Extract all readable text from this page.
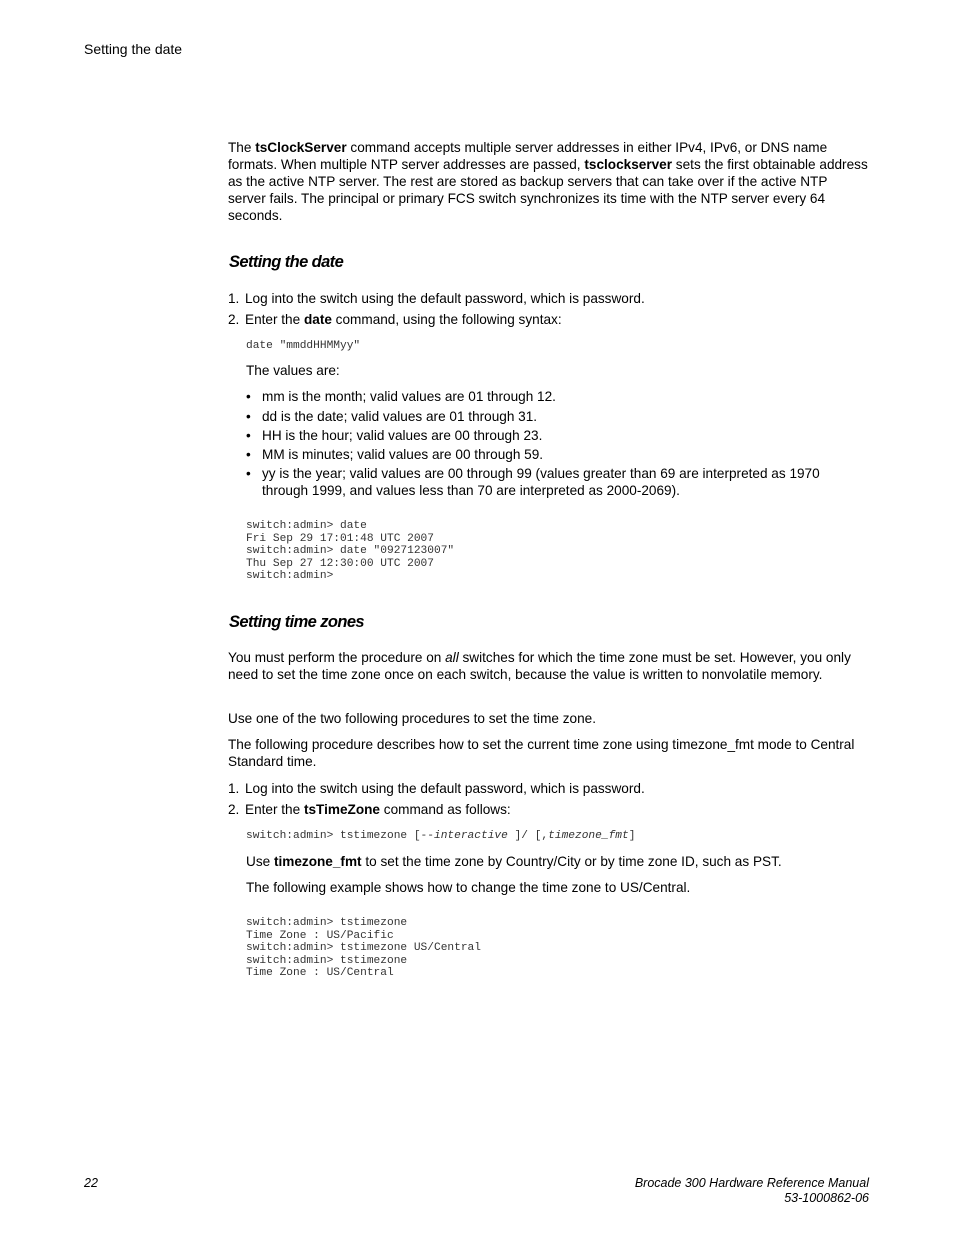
Setting the date

The tsClockServer command accepts multiple server addresses in either IPv4, IPv6, or DNS name formats. When multiple NTP server addresses are passed, tsclockserver sets the first obtainable address as the active NTP server. The rest are stored as backup servers that can take over if the active NTP server fails. The principal or primary FCS switch synchronizes its time with the NTP server every 64 seconds.

Setting the date
1. Log into the switch using the default password, which is password.
2. Enter the date command, using the following syntax:
date "mmddHHMMyy"
The values are:
• mm is the month; valid values are 01 through 12.
• dd is the date; valid values are 01 through 31.
• HH is the hour; valid values are 00 through 23.
• MM is minutes; valid values are 00 through 59.
• yy is the year; valid values are 00 through 99 (values greater than 69 are interpreted as 1970 through 1999, and values less than 70 are interpreted as 2000-2069).
switch:admin> date
Fri Sep 29 17:01:48 UTC 2007
switch:admin> date "0927123007"
Thu Sep 27 12:30:00 UTC 2007
switch:admin>
Setting time zones

You must perform the procedure on all switches for which the time zone must be set. However, you only need to set the time zone once on each switch, because the value is written to nonvolatile memory.

Use one of the two following procedures to set the time zone.

The following procedure describes how to set the current time zone using timezone_fmt mode to Central Standard time.

1. Log into the switch using the default password, which is password.
2. Enter the tsTimeZone command as follows:
switch:admin> tstimezone [--interactive ]/ [,timezone_fmt]
Use timezone_fmt to set the time zone by Country/City or by time zone ID, such as PST.
The following example shows how to change the time zone to US/Central.
switch:admin> tstimezone
Time Zone : US/Pacific
switch:admin> tstimezone US/Central
switch:admin> tstimezone
Time Zone : US/Central
22	Brocade 300 Hardware Reference Manual
53-1000862-06
